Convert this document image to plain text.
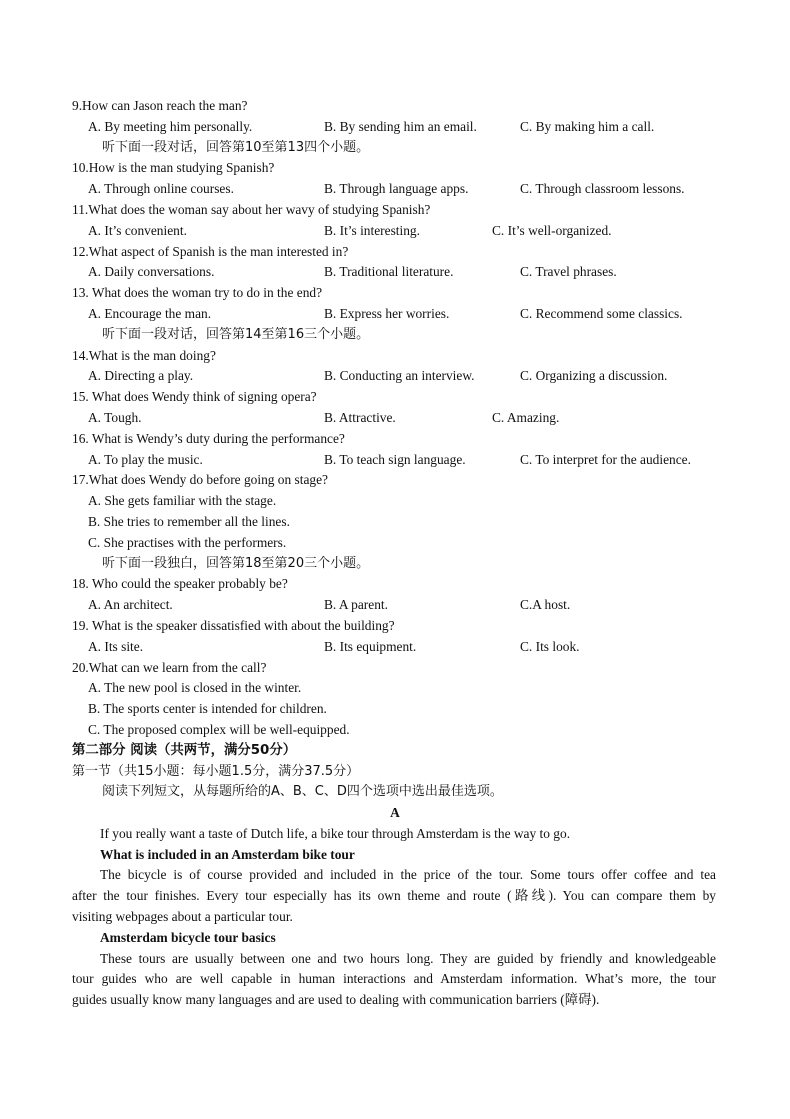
9.How can Jason reach the man?
A. By meeting him personally.	B. By sending him an email.	C. By making him a call.
听下面一段对话，回答第10至第13四个小题。
10.How is the man studying Spanish?
A. Through online courses.	B. Through language apps.	C. Through classroom lessons.
11.What does the woman say about her wavy of studying Spanish?
A. It’s convenient.	B. It’s interesting.	C. It’s well-organized.
12.What aspect of Spanish is the man interested in?
A. Daily conversations.	B. Traditional literature.	C. Travel phrases.
13. What does the woman try to do in the end?
A. Encourage the man.	B. Express her worries.	C. Recommend some classics.
听下面一段对话，回答第14至第16三个小题。
14.What is the man doing?
A. Directing a play.	B. Conducting an interview.	C. Organizing a discussion.
15. What does Wendy think of signing opera?
A. Tough.	B. Attractive.	C. Amazing.
16. What is Wendy’s duty during the performance?
A. To play the music.	B. To teach sign language.	C. To interpret for the audience.
17.What does Wendy do before going on stage?
A. She gets familiar with the stage.
B. She tries to remember all the lines.
C. She practises with the performers.
听下面一段独白，回答第18至第20三个小题。
18. Who could the speaker probably be?
A. An architect.	B. A parent.	C.A host.
19. What is the speaker dissatisfied with about the building?
A. Its site.	B. Its equipment.	C. Its look.
20.What can we learn from the call?
A. The new pool is closed in the winter.
B. The sports center is intended for children.
C. The proposed complex will be well-equipped.
第二部分 阅读（共两节，满分50分）
第一节（共15小题：每小题1.5分，满分37.5分）
阅读下列短文，从每题所给的A、B、C、D四个选项中选出最佳选项。
A
If you really want a taste of Dutch life, a bike tour through Amsterdam is the way to go.
What is included in an Amsterdam bike tour
The bicycle is of course provided and included in the price of the tour. Some tours offer coffee and tea
after the tour finishes. Every tour especially has its own theme and route (路线). You can compare them by
visiting webpages about a particular tour.
Amsterdam bicycle tour basics
These tours are usually between one and two hours long. They are guided by friendly and knowledgeable
tour guides who are well capable in human interactions and Amsterdam information. What’s more, the tour
guides usually know many languages and are used to dealing with communication barriers (障碍).
